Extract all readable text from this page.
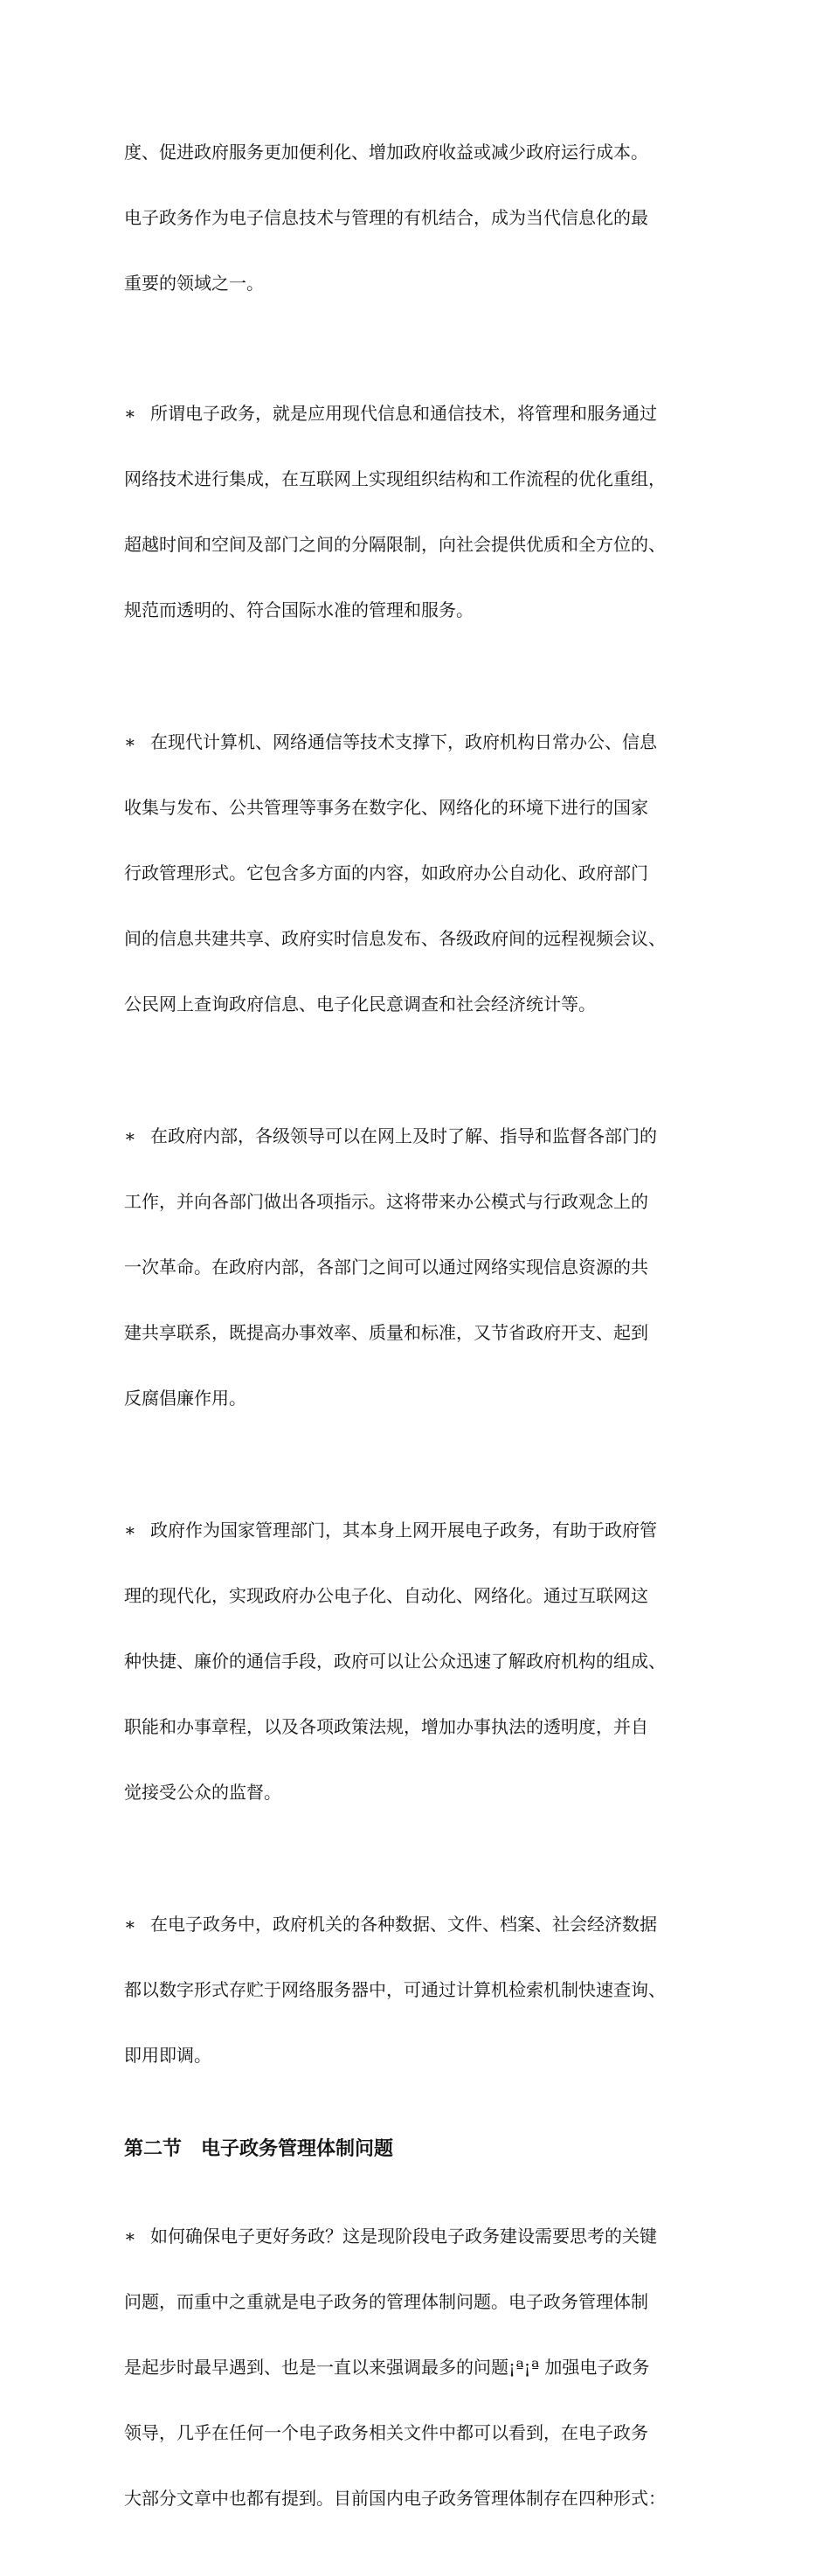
度、促进政府服务更加便利化、增加政府收益或减少政府运行成本。

电子政务作为电子信息技术与管理的有机结合，成为当代信息化的最

重要的领域之一。

∗ 所谓电子政务，就是应用现代信息和通信技术，将管理和服务通过

网络技术进行集成，在互联网上实现组织结构和工作流程的优化重组，

超越时间和空间及部门之间的分隔限制，向社会提供优质和全方位的、

规范而透明的、符合国际水准的管理和服务。

∗ 在现代计算机、网络通信等技术支撑下，政府机构日常办公、信息

收集与发布、公共管理等事务在数字化、网络化的环境下进行的国家

行政管理形式。它包含多方面的内容，如政府办公自动化、政府部门

间的信息共建共享、政府实时信息发布、各级政府间的远程视频会议、

公民网上查询政府信息、电子化民意调查和社会经济统计等。

∗ 在政府内部，各级领导可以在网上及时了解、指导和监督各部门的

工作，并向各部门做出各项指示。这将带来办公模式与行政观念上的

一次革命。在政府内部，各部门之间可以通过网络实现信息资源的共

建共享联系，既提高办事效率、质量和标准，又节省政府开支、起到

反腐倡廉作用。

∗ 政府作为国家管理部门，其本身上网开展电子政务，有助于政府管

理的现代化，实现政府办公电子化、自动化、网络化。通过互联网这

种快捷、廉价的通信手段，政府可以让公众迅速了解政府机构的组成、

职能和办事章程，以及各项政策法规，增加办事执法的透明度，并自

觉接受公众的监督。

∗ 在电子政务中，政府机关的各种数据、文件、档案、社会经济数据

都以数字形式存贮于网络服务器中，可通过计算机检索机制快速查询、

即用即调。

第二节　电子政务管理体制问题

∗ 如何确保电子更好务政？这是现阶段电子政务建设需要思考的关键

问题，而重中之重就是电子政务的管理体制问题。电子政务管理体制

是起步时最早遇到、也是一直以来强调最多的问题¡ª¡ª 加强电子政务

领导，几乎在任何一个电子政务相关文件中都可以看到，在电子政务

大部分文章中也都有提到。目前国内电子政务管理体制存在四种形式：
